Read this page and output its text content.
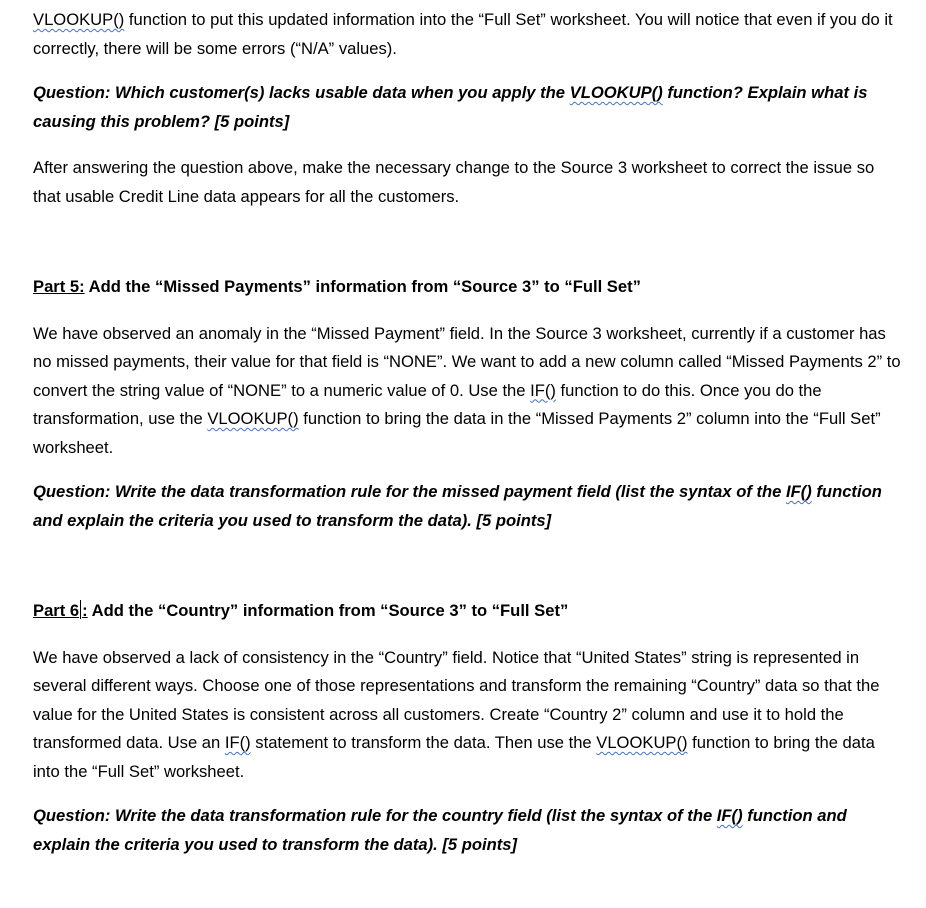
VLOOKUP() function to put this updated information into the “Full Set” worksheet. You will notice that even if you do it correctly, there will be some errors (“N/A” values).

Question: Which customer(s) lacks usable data when you apply the VLOOKUP() function? Explain what is causing this problem? [5 points]

After answering the question above, make the necessary change to the Source 3 worksheet to correct the issue so that usable Credit Line data appears for all the customers.

Part 5: Add the “Missed Payments” information from “Source 3” to “Full Set”

We have observed an anomaly in the “Missed Payment” field. In the Source 3 worksheet, currently if a customer has no missed payments, their value for that field is “NONE”. We want to add a new column called “Missed Payments 2” to convert the string value of “NONE” to a numeric value of 0. Use the IF() function to do this. Once you do the transformation, use the VLOOKUP() function to bring the data in the “Missed Payments 2” column into the “Full Set” worksheet.

Question: Write the data transformation rule for the missed payment field (list the syntax of the IF() function and explain the criteria you used to transform the data). [5 points]

Part 6 : Add the “Country” information from “Source 3” to “Full Set”

We have observed a lack of consistency in the “Country” field. Notice that “United States” string is represented in several different ways. Choose one of those representations and transform the remaining “Country” data so that the value for the United States is consistent across all customers. Create “Country 2” column and use it to hold the transformed data. Use an IF() statement to transform the data. Then use the VLOOKUP() function to bring the data into the “Full Set” worksheet.

Question: Write the data transformation rule for the country field (list the syntax of the IF() function and explain the criteria you used to transform the data). [5 points]
